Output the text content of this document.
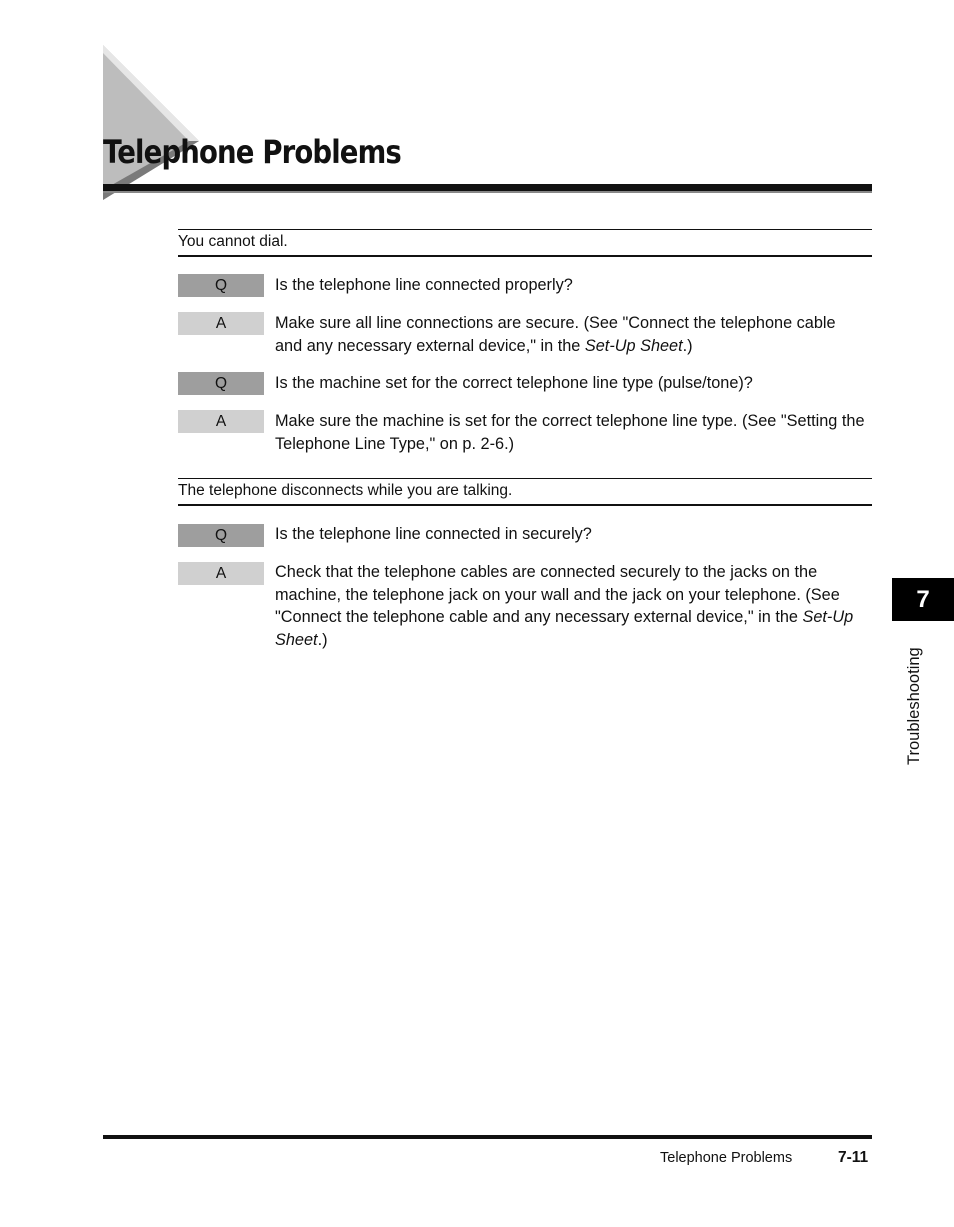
Telephone Problems
You cannot dial.
Q	Is the telephone line connected properly?
A	Make sure all line connections are secure. (See "Connect the telephone cable and any necessary external device," in the Set-Up Sheet.)
Q	Is the machine set for the correct telephone line type (pulse/tone)?
A	Make sure the machine is set for the correct telephone line type. (See "Setting the Telephone Line Type," on p. 2-6.)
The telephone disconnects while you are talking.
Q	Is the telephone line connected in securely?
A	Check that the telephone cables are connected securely to the jacks on the machine, the telephone jack on your wall and the jack on your telephone. (See "Connect the telephone cable and any necessary external device," in the Set-Up Sheet.)
7
Troubleshooting
Telephone Problems	7-11
